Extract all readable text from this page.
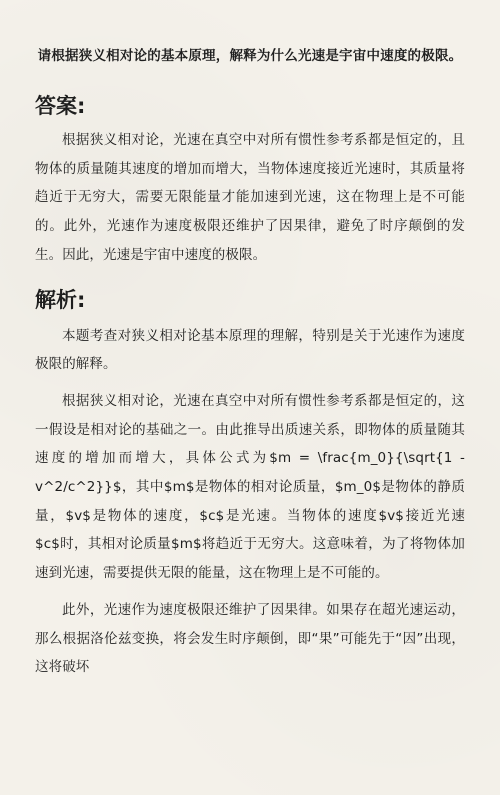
请根据狭义相对论的基本原理，解释为什么光速是宇宙中速度的极限。

答案:

根据狭义相对论，光速在真空中对所有惯性参考系都是恒定的，且物体的质量随其速度的增加而增大，当物体速度接近光速时，其质量将趋近于无穷大，需要无限能量才能加速到光速，这在物理上是不可能的。此外，光速作为速度极限还维护了因果律，避免了时序颠倒的发生。因此，光速是宇宙中速度的极限。

解析:

本题考查对狭义相对论基本原理的理解，特别是关于光速作为速度极限的解释。

根据狭义相对论，光速在真空中对所有惯性参考系都是恒定的，这一假设是相对论的基础之一。由此推导出质速关系，即物体的质量随其速度的增加而增大，具体公式为$m = \frac{m_0}{\sqrt{1 - v^2/c^2}}$，其中$m$是物体的相对论质量，$m_0$是物体的静质量，$v$是物体的速度，$c$是光速。当物体的速度$v$接近光速$c$时，其相对论质量$m$将趋近于无穷大。这意味着，为了将物体加速到光速，需要提供无限的能量，这在物理上是不可能的。

此外，光速作为速度极限还维护了因果律。如果存在超光速运动，那么根据洛伦兹变换，将会发生时序颠倒，即“果”可能先于“因”出现，这将破坏
